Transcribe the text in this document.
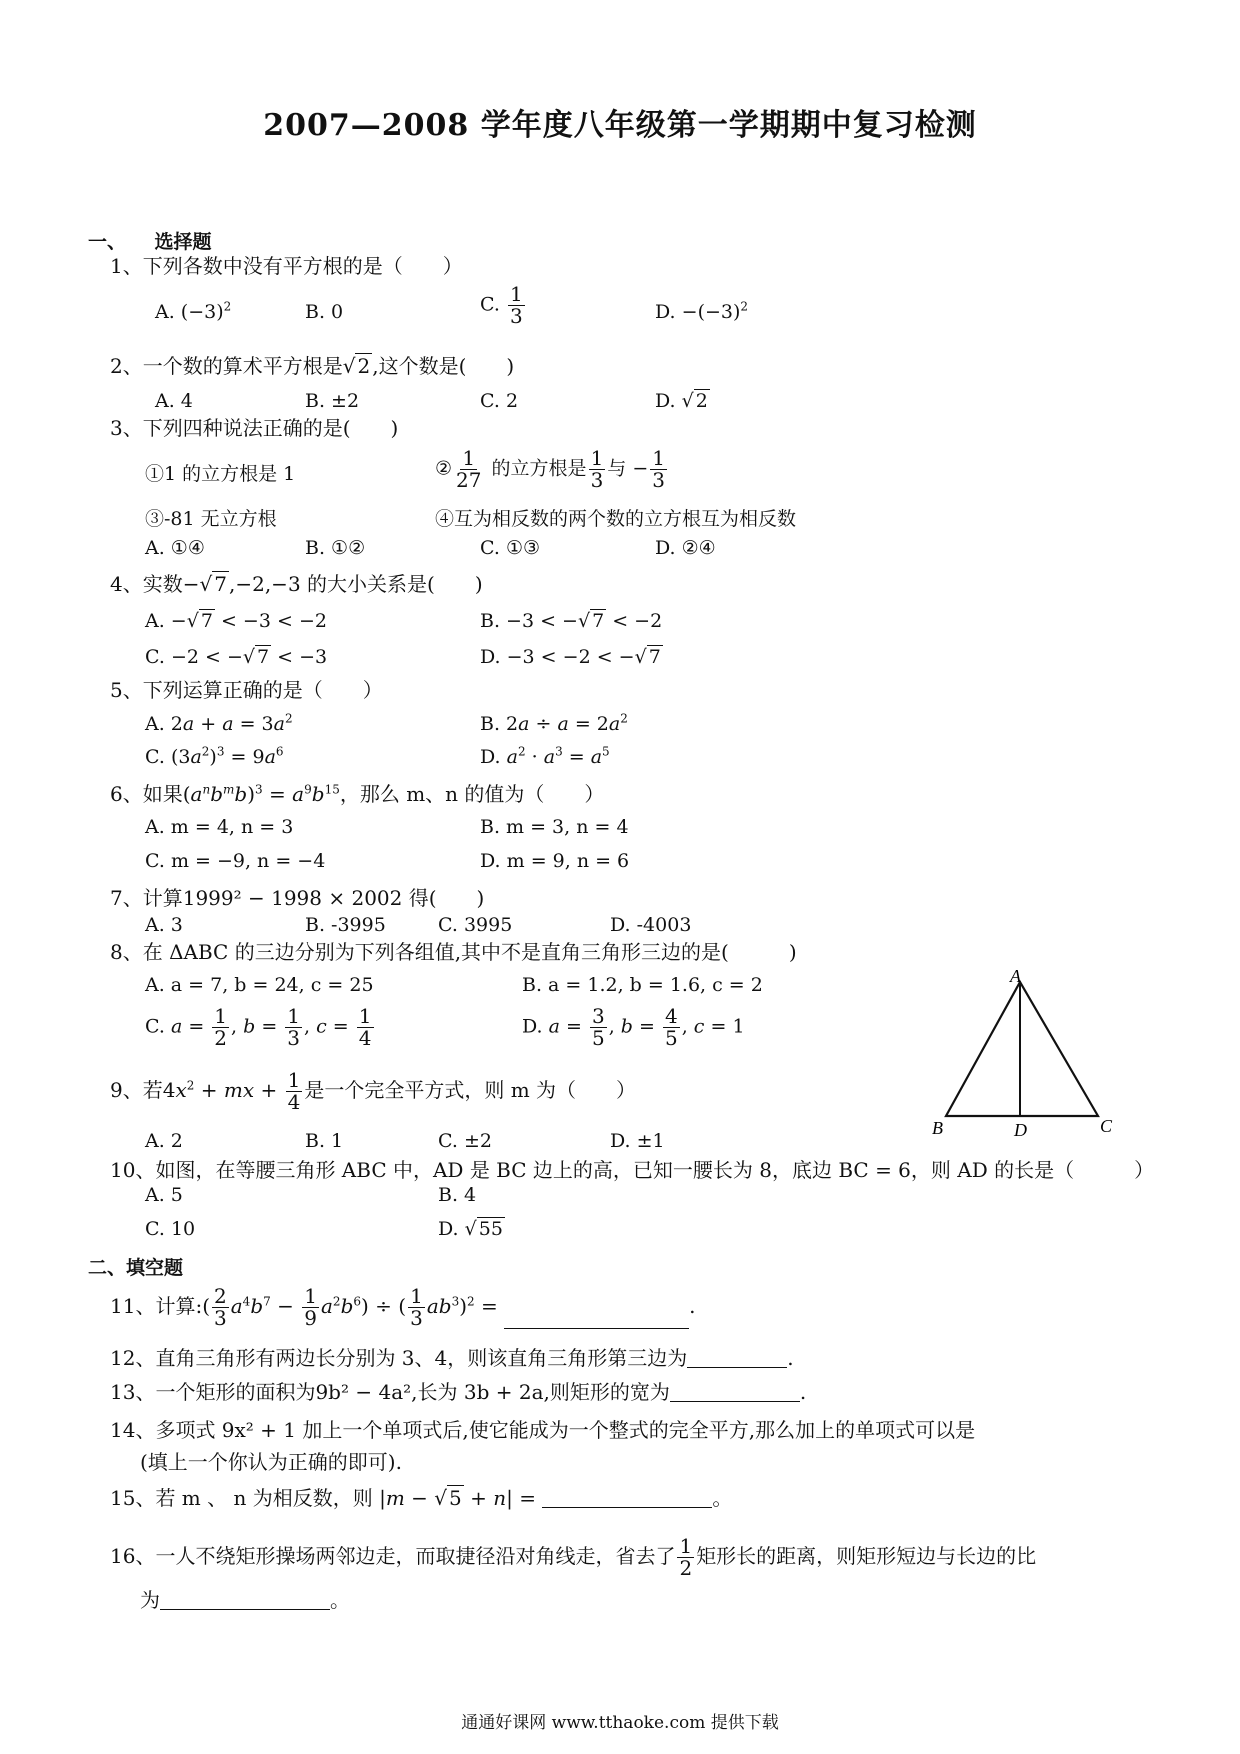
2007—2008 学年度八年级第一学期期中复习检测
一、　　选择题
1、下列各数中没有平方根的是（　　）
A. $(-3)^2$	B. 0	C. $\frac{1}{3}$	D. $-(-3)^2$
2、一个数的算术平方根是√ 2 ,这个数是(　　)
A. 4	B. ±2	C. 2	D. √ 2
3、下列四种说法正确的是(　　)
①1 的立方根是 1	② $\frac{1}{27}$ 的立方根是 $\frac{1}{3}$ 与 − $\frac{1}{3}$
③-81 无立方根	④互为相反数的两个数的立方根互为相反数
A. ①④	B. ①②	C. ①③	D. ②④
4、实数−√ 7 ,−2,−3 的大小关系是(　　)
A. −√ 7 < −3 < −2	B. −3 < −√ 7 < −2
C. −2 < −√ 7 < −3	D. −3 < −2 < −√ 7
5、下列运算正确的是（　　）
A. $2a + a = 3a^2$	B. $2a \div a = 2a^2$
C. $(3a^2)^3 = 9a^6$	D. $a^2 \cdot a^3 = a^5$
6、如果$(a^nb^mb)^3 = a^9b^{15}$，那么 m、n 的值为（　　）
A. m = 4, n = 3	B. m = 3, n = 4
C. m = −9, n = −4	D. m = 9, n = 6
7、计算1999² − 1998 × 2002 得(　　)
A. 3	B. -3995	C. 3995	D. -4003
8、在 ΔABC 的三边分别为下列各组值,其中不是直角三角形三边的是(　　　)
A. a = 7, b = 24, c = 25	B. a = 1.2, b = 1.6, c = 2
C. $a = \frac{1}{2}$ , $b = \frac{1}{3}$ , $c = \frac{1}{4}$	D. $a = \frac{3}{5}$ , $b = \frac{4}{5}$ , c = 1
9、若$4x^2$ + mx + $\frac{1}{4}$ 是一个完全平方式，则 m 为（　　）
A. 2	B. 1	C. ±2	D. ±1
10、如图，在等腰三角形 ABC 中，AD 是 BC 边上的高，已知一腰长为 8，底边 BC = 6，则 AD 的长是（　　　）
A. 5	B. 4
C. 10	D. √ 55
A
B	D	C
二、填空题
11、计算:( $\frac{2}{3} a^4b^7 - \frac{1}{9} a^2b^6$) ÷ ( $\frac{1}{3} ab^3)^2$ =	.
12、直角三角形有两边长分别为 3、4，则该直角三角形第三边为	.
13、一个矩形的面积为9b² − 4a²,长为 3b + 2a,则矩形的宽为	.
14、多项式 9x² + 1 加上一个单项式后,使它能成为一个整式的完全平方,那么加上的单项式可以是
(填上一个你认为正确的即可).
15、若 m 、 n 为相反数，则 |m − √ 5 + n| =	。
16、一人不绕矩形操场两邻边走，而取捷径沿对角线走，省去了 $\frac{1}{2}$ 矩形长的距离，则矩形短边与长边的比
为	。
通通好课网 www.tthaoke.com 提供下载
